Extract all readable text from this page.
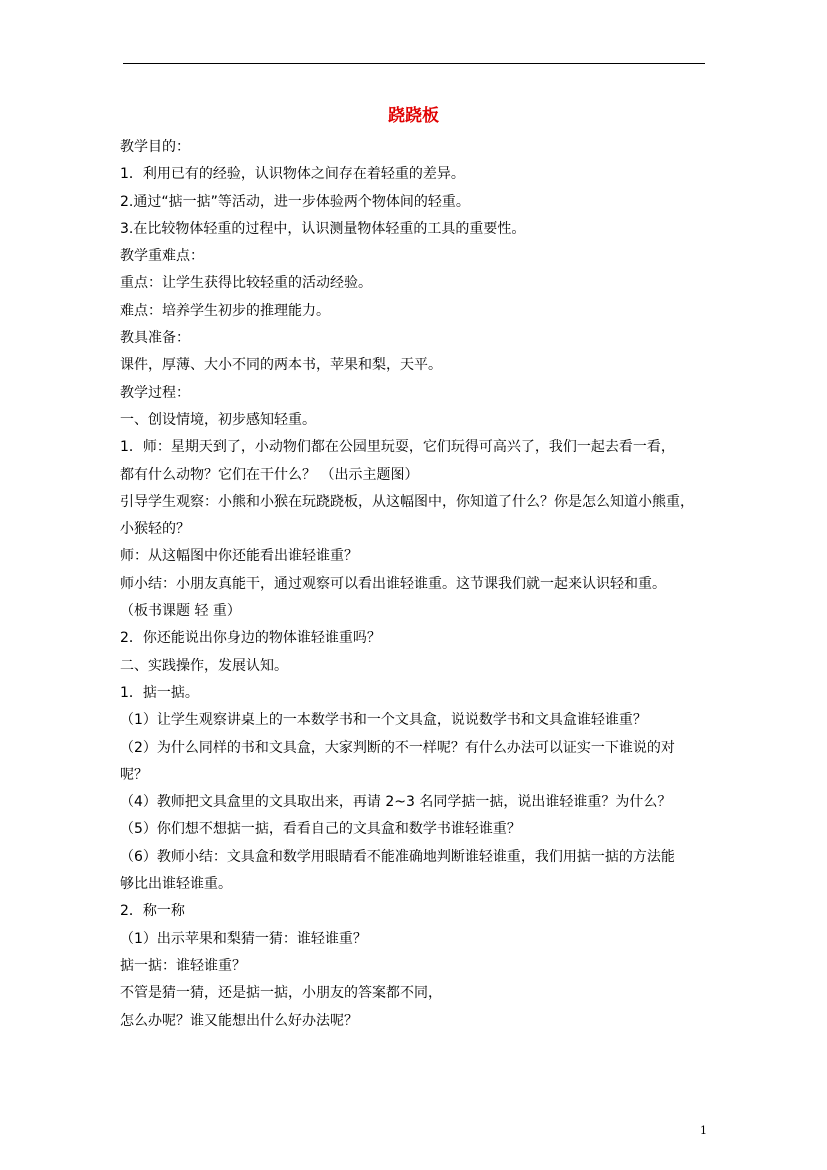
跷跷板

教学目的：

1．利用已有的经验，认识物体之间存在着轻重的差异。

2.通过“掂一掂”等活动，进一步体验两个物体间的轻重。

3.在比较物体轻重的过程中，认识测量物体轻重的工具的重要性。

教学重难点：

重点：让学生获得比较轻重的活动经验。

难点：培养学生初步的推理能力。

教具准备：

课件，厚薄、大小不同的两本书，苹果和梨，天平。

教学过程：

一、创设情境，初步感知轻重。

1．师：星期天到了，小动物们都在公园里玩耍，它们玩得可高兴了，我们一起去看一看，

都有什么动物？它们在干什么？ （出示主题图）

引导学生观察：小熊和小猴在玩跷跷板，从这幅图中，你知道了什么？你是怎么知道小熊重，

小猴轻的？

师：从这幅图中你还能看出谁轻谁重？

师小结：小朋友真能干，通过观察可以看出谁轻谁重。这节课我们就一起来认识轻和重。

（板书课题 轻 重）

2．你还能说出你身边的物体谁轻谁重吗？

二、实践操作，发展认知。

1．掂一掂。

（1）让学生观察讲桌上的一本数学书和一个文具盒，说说数学书和文具盒谁轻谁重？

（2）为什么同样的书和文具盒，大家判断的不一样呢？有什么办法可以证实一下谁说的对

呢？

（4）教师把文具盒里的文具取出来，再请 2~3 名同学掂一掂，说出谁轻谁重？为什么？

（5）你们想不想掂一掂，看看自己的文具盒和数学书谁轻谁重？

（6）教师小结：文具盒和数学用眼睛看不能准确地判断谁轻谁重，我们用掂一掂的方法能

够比出谁轻谁重。

2．称一称

（1）出示苹果和梨猜一猜：谁轻谁重？

掂一掂：谁轻谁重？

不管是猜一猜，还是掂一掂，小朋友的答案都不同，

怎么办呢？谁又能想出什么好办法呢？

1
